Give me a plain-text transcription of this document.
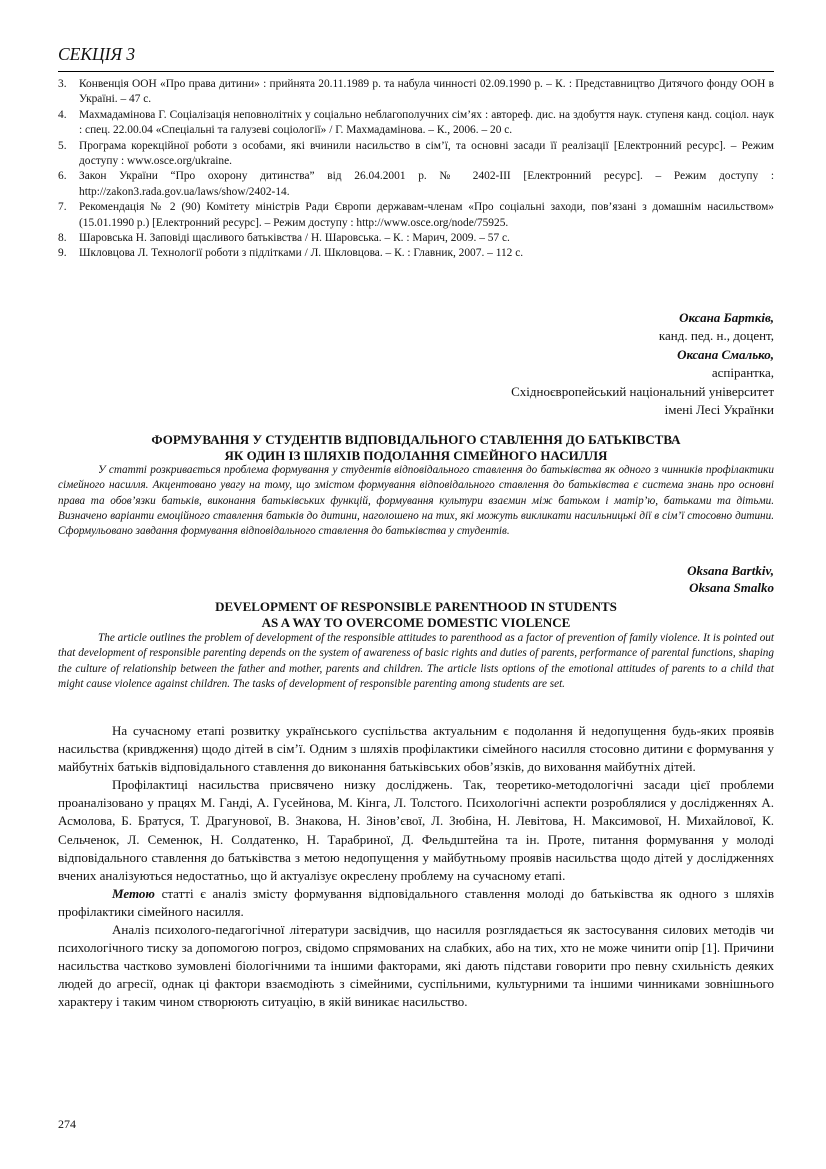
СЕКЦІЯ 3
3. Конвенція ООН «Про права дитини» : прийнята 20.11.1989 р. та набула чинності 02.09.1990 р. – К. : Представництво Дитячого фонду ООН в Україні. – 47 с.
4. Махмадамінова Г. Соціалізація неповнолітніх у соціально неблагополучних сім’ях : автореф. дис. на здобуття наук. ступеня канд. соціол. наук : спец. 22.00.04 «Спеціальні та галузеві соціології» / Г. Махмадамінова. – К., 2006. – 20 с.
5. Програма корекційної роботи з особами, які вчинили насильство в сім’ї, та основні засади її реалізації [Електронний ресурс]. – Режим доступу : www.osce.org/ukraine.
6. Закон України “Про охорону дитинства” від 26.04.2001 р. № 2402-ІІІ [Електронний ресурс]. – Режим доступу : http://zakon3.rada.gov.ua/laws/show/2402-14.
7. Рекомендація № 2 (90) Комітету міністрів Ради Європи державам-членам «Про соціальні заходи, пов’язані з домашнім насильством» (15.01.1990 р.) [Електронний ресурс]. – Режим доступу : http://www.osce.org/node/75925.
8. Шаровська Н. Заповіді щасливого батьківства / Н. Шаровська. – К. : Марич, 2009. – 57 с.
9. Шкловцова Л. Технології роботи з підлітками / Л. Шкловцова. – К. : Главник, 2007. – 112 с.
Оксана Бартків,
канд. пед. н., доцент,
Оксана Смалько,
аспірантка,
Східноєвропейський національний університет
імені Лесі Українки
ФОРМУВАННЯ У СТУДЕНТІВ ВІДПОВІДАЛЬНОГО СТАВЛЕННЯ ДО БАТЬКІВСТВА
ЯК ОДИН ІЗ ШЛЯХІВ ПОДОЛАННЯ СІМЕЙНОГО НАСИЛЛЯ

У статті розкривається проблема формування у студентів відповідального ставлення до батьківства як одного з чинників профілактики сімейного насилля. Акцентовано увагу на тому, що змістом формування відповідального ставлення до батьківства є система знань про основні права та обов’язки батьків, виконання батьківських функцій, формування культури взаємин між батьком і матір’ю, батьками та дітьми. Визначено варіанти емоційного ставлення батьків до дитини, наголошено на тих, які можуть викликати насильницькі дії в сім’ї стосовно дитини. Сформульовано завдання формування відповідального ставлення до батьківства у студентів.

Oksana Bartkiv,
Oksana Smalko
DEVELOPMENT OF RESPONSIBLE PARENTHOOD IN STUDENTS
AS A WAY TO OVERCOME DOMESTIC VIOLENCE

The article outlines the problem of development of the responsible attitudes to parenthood as a factor of prevention of family violence. It is pointed out that development of responsible parenting depends on the system of awareness of basic rights and duties of parents, performance of parental functions, shaping the culture of relationship between the father and mother, parents and children. The article lists options of the emotional attitudes of parents to a child that might cause violence against children. The tasks of development of responsible parenting among students are set.

На сучасному етапі розвитку українського суспільства актуальним є подолання й недопущення будь-яких проявів насильства (кривдження) щодо дітей в сім’ї. Одним з шляхів профілактики сімейного насилля стосовно дитини є формування у майбутніх батьків відповідального ставлення до виконання батьківських обов’язків, до виховання майбутніх дітей.

Профілактиці насильства присвячено низку досліджень. Так, теоретико-методологічні засади цієї проблеми проаналізовано у працях М. Ганді, А. Гусейнова, М. Кінга, Л. Толстого. Психологічні аспекти розроблялися у дослідженнях А. Асмолова, Б. Братуся, Т. Драгунової, В. Знакова, Н. Зінов’євої, Л. Зюбіна, Н. Левітова, Н. Максимової, Н. Михайлової, К. Сельченок, Л. Семенюк, Н. Солдатенко, Н. Тарабриної, Д. Фельдштейна та ін. Проте, питання формування у молоді відповідального ставлення до батьківства з метою недопущення у майбутньому проявів насильства щодо дітей у дослідженнях вчених аналізуються недостатньо, що й актуалізує окреслену проблему на сучасному етапі.

Метою статті є аналіз змісту формування відповідального ставлення молоді до батьківства як одного з шляхів профілактики сімейного насилля.

Аналіз психолого-педагогічної літератури засвідчив, що насилля розглядається як застосування силових методів чи психологічного тиску за допомогою погроз, свідомо спрямованих на слабких, або на тих, хто не може чинити опір [1]. Причини насильства частково зумовлені біологічними та іншими факторами, які дають підстави говорити про певну схильність деяких людей до агресії, однак ці фактори взаємодіють з сімейними, суспільними, культурними та іншими чинниками зовнішнього характеру і таким чином створюють ситуацію, в якій виникає насильство.

274
